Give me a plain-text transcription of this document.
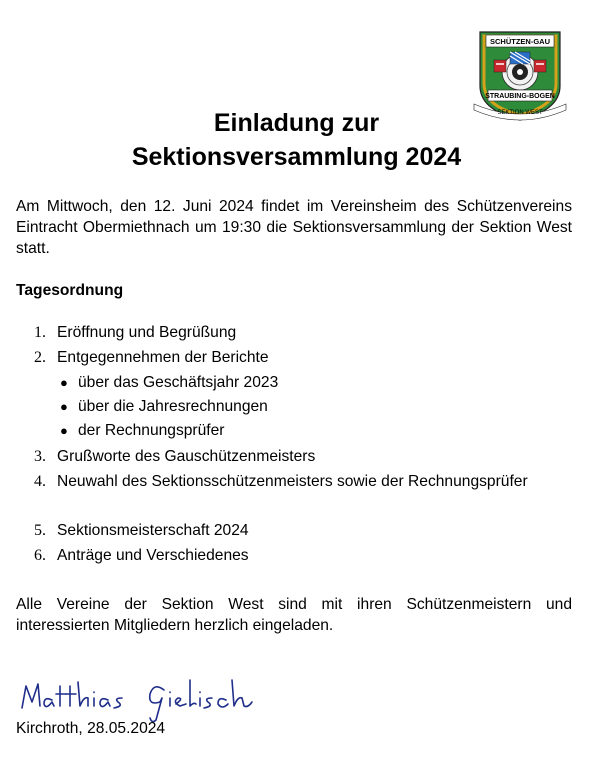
SCHÜTZEN-GAU
STRAUBING-BOGEN
SEKTION WEST
Einladung zur
Sektionsversammlung 2024
Am Mittwoch, den 12. Juni 2024 findet im Vereinsheim des Schützenvereins Eintracht Obermiethnach um 19:30 die Sektionsversammlung der Sektion West statt.
Tagesordnung
1. Eröffnung und Begrüßung
2. Entgegennehmen der Berichte
● über das Geschäftsjahr 2023
● über die Jahresrechnungen
● der Rechnungsprüfer
3. Grußworte des Gauschützenmeisters
4. Neuwahl des Sektionsschützenmeisters sowie der Rechnungsprüfer
5. Sektionsmeisterschaft 2024
6. Anträge und Verschiedenes
Alle Vereine der Sektion West sind mit ihren Schützenmeistern und interessierten Mitgliedern herzlich eingeladen.
Kirchroth, 28.05.2024
